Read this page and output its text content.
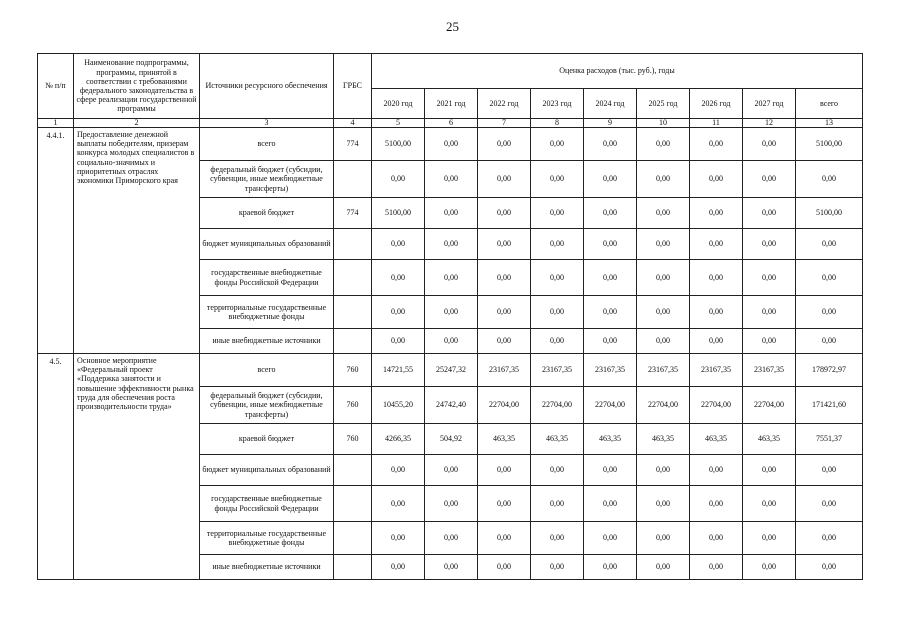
25
№ п/п	Наименование подпрограммы, программы, принятой в соответствии с требованиями федерального законодательства в сфере реализации государственной программы	Источники ресурсного обеспечения	ГРБС	Оценка расходов (тыс. руб.), годы								
				2020 год	2021 год	2022 год	2023 год	2024 год	2025 год	2026 год	2027 год	всего
1	2	3	4	5	6	7	8	9	10	11	12	13
4.4.1.	Предоставление денежной выплаты победителям, призерам конкурса молодых специалистов в социально-значимых и приоритетных отраслях экономики Приморского края	всего	774	5100,00	0,00	0,00	0,00	0,00	0,00	0,00	0,00	5100,00
		федеральный бюджет (субсидии, субвенции, иные межбюджетные трансферты)		0,00	0,00	0,00	0,00	0,00	0,00	0,00	0,00	0,00
		краевой бюджет	774	5100,00	0,00	0,00	0,00	0,00	0,00	0,00	0,00	5100,00
		бюджет муниципальных образований		0,00	0,00	0,00	0,00	0,00	0,00	0,00	0,00	0,00
		государственные внебюджетные фонды Российской Федерации		0,00	0,00	0,00	0,00	0,00	0,00	0,00	0,00	0,00
		территориальные государственные внебюджетные фонды		0,00	0,00	0,00	0,00	0,00	0,00	0,00	0,00	0,00
		иные внебюджетные источники		0,00	0,00	0,00	0,00	0,00	0,00	0,00	0,00	0,00
4.5.	Основное мероприятие «Федеральный проект «Поддержка занятости и повышение эффективности рынка труда для обеспечения роста производительности труда»	всего	760	14721,55	25247,32	23167,35	23167,35	23167,35	23167,35	23167,35	23167,35	178972,97
		федеральный бюджет (субсидии, субвенции, иные межбюджетные трансферты)	760	10455,20	24742,40	22704,00	22704,00	22704,00	22704,00	22704,00	22704,00	171421,60
		краевой бюджет	760	4266,35	504,92	463,35	463,35	463,35	463,35	463,35	463,35	7551,37
		бюджет муниципальных образований		0,00	0,00	0,00	0,00	0,00	0,00	0,00	0,00	0,00
		государственные внебюджетные фонды Российской Федерации		0,00	0,00	0,00	0,00	0,00	0,00	0,00	0,00	0,00
		территориальные государственные внебюджетные фонды		0,00	0,00	0,00	0,00	0,00	0,00	0,00	0,00	0,00
		иные внебюджетные источники		0,00	0,00	0,00	0,00	0,00	0,00	0,00	0,00	0,00
